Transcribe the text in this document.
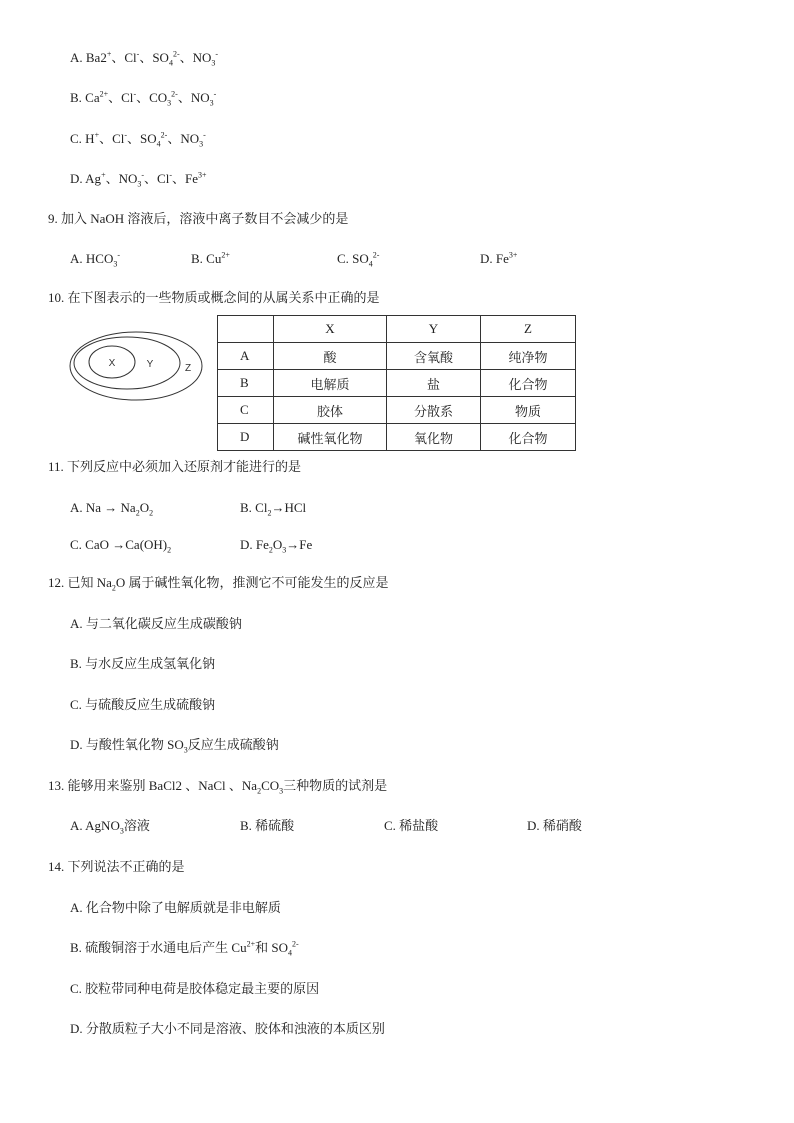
A. Ba2+、Cl-、$SO_4^{2-}$、$NO_3^-$
B. $Ca^{2+}$、Cl-、$CO_3^{2-}$、$NO_3^-$
C. H+、Cl-、$SO_4^{2-}$、$NO_3^-$
D. Ag+、$NO_3^-$、Cl-、$Fe^{3+}$
9. 加入 NaOH 溶液后，溶液中离子数目不会减少的是
A. $HCO_3^-$	B. $Cu^{2+}$	C. $SO_4^{2-}$	D. $Fe^{3+}$
10. 在下图表示的一些物质或概念间的从属关系中正确的是
X	Y	Z
	X	Y	Z
A	酸	含氧酸	纯净物
B	电解质	盐	化合物
C	胶体	分散系	物质
D	碱性氧化物	氧化物	化合物
11. 下列反应中必须加入还原剂才能进行的是
A. $Na \to Na_2O_2$	B. $Cl_2\to HCl$
C. CaO $\to Ca(OH)_2$	D. $Fe_2O_3\to Fe$
12. 已知 $Na_2O$ 属于碱性氧化物，推测它不可能发生的反应是
A. 与二氧化碳反应生成碳酸钠
B. 与水反应生成氢氧化钠
C. 与硫酸反应生成硫酸钠
D. 与酸性氧化物 $SO_3$反应生成硫酸钠
13. 能够用来鉴别 BaCl2 、NaCl 、$Na_2CO_3$三种物质的试剂是
A. AgNO$_3$溶液	B. 稀硫酸	C. 稀盐酸	D. 稀硝酸
14. 下列说法不正确的是
A. 化合物中除了电解质就是非电解质
B. 硫酸铜溶于水通电后产生 $Cu^{2+}$和 $SO_4^{2-}$
C. 胶粒带同种电荷是胶体稳定最主要的原因
D. 分散质粒子大小不同是溶液、胶体和浊液的本质区别
